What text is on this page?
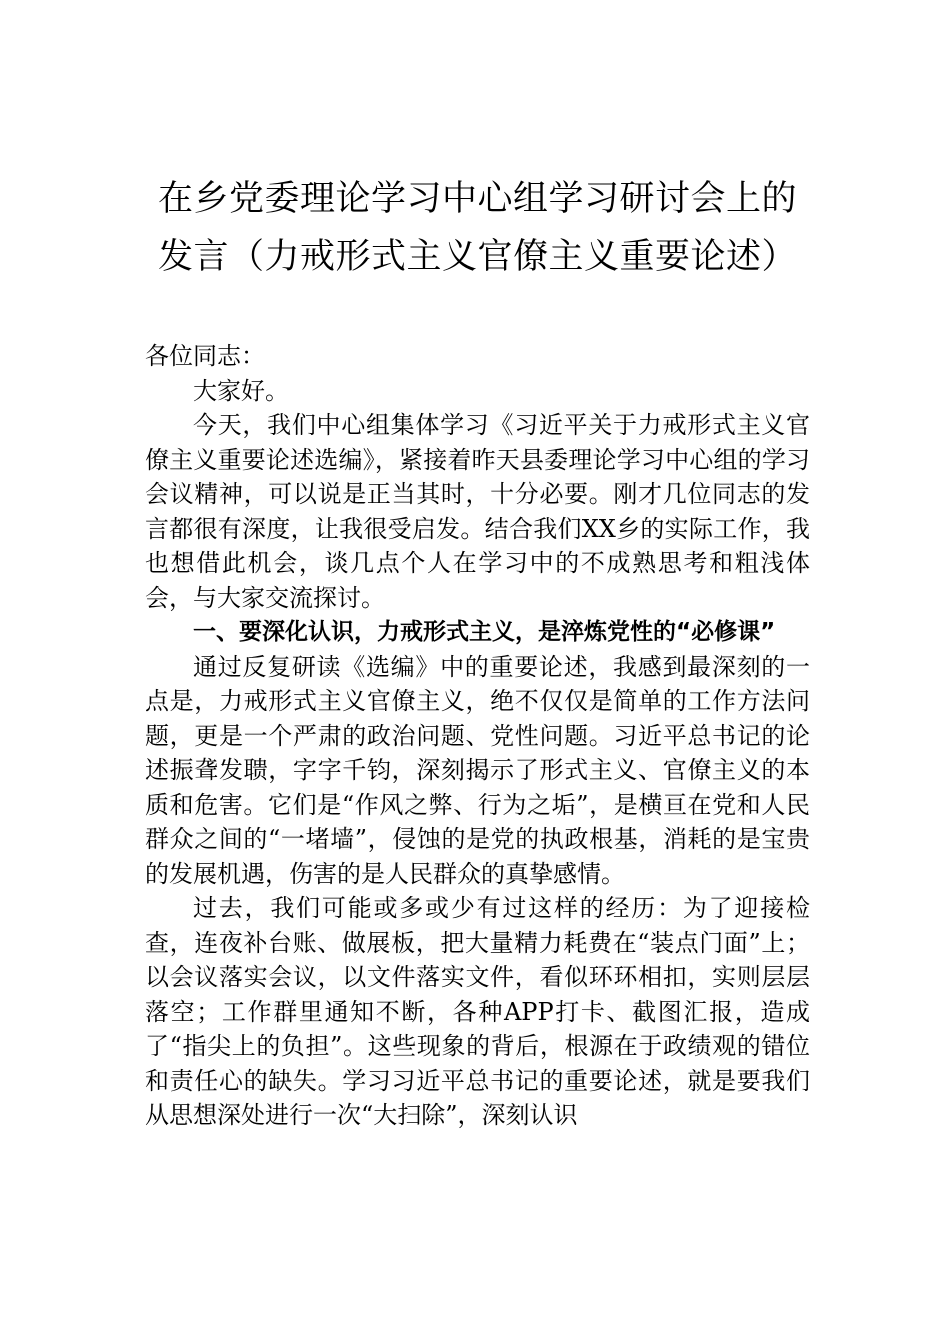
在乡党委理论学习中心组学习研讨会上的
发言（力戒形式主义官僚主义重要论述）

各位同志：

大家好。

今天，我们中心组集体学习《习近平关于力戒形式主义官僚主义重要论述选编》，紧接着昨天县委理论学习中心组的学习会议精神，可以说是正当其时，十分必要。刚才几位同志的发言都很有深度，让我很受启发。结合我们XX乡的实际工作，我也想借此机会，谈几点个人在学习中的不成熟思考和粗浅体会，与大家交流探讨。

一、要深化认识，力戒形式主义，是淬炼党性的“必修课”

通过反复研读《选编》中的重要论述，我感到最深刻的一点是，力戒形式主义官僚主义，绝不仅仅是简单的工作方法问题，更是一个严肃的政治问题、党性问题。习近平总书记的论述振聋发聩，字字千钧，深刻揭示了形式主义、官僚主义的本质和危害。它们是“作风之弊、行为之垢”，是横亘在党和人民群众之间的“一堵墙”，侵蚀的是党的执政根基，消耗的是宝贵的发展机遇，伤害的是人民群众的真挚感情。

过去，我们可能或多或少有过这样的经历：为了迎接检查，连夜补台账、做展板，把大量精力耗费在“装点门面”上；以会议落实会议，以文件落实文件，看似环环相扣，实则层层落空；工作群里通知不断，各种APP打卡、截图汇报，造成了“指尖上的负担”。这些现象的背后，根源在于政绩观的错位和责任心的缺失。学习习近平总书记的重要论述，就是要我们从思想深处进行一次“大扫除”，深刻认识
